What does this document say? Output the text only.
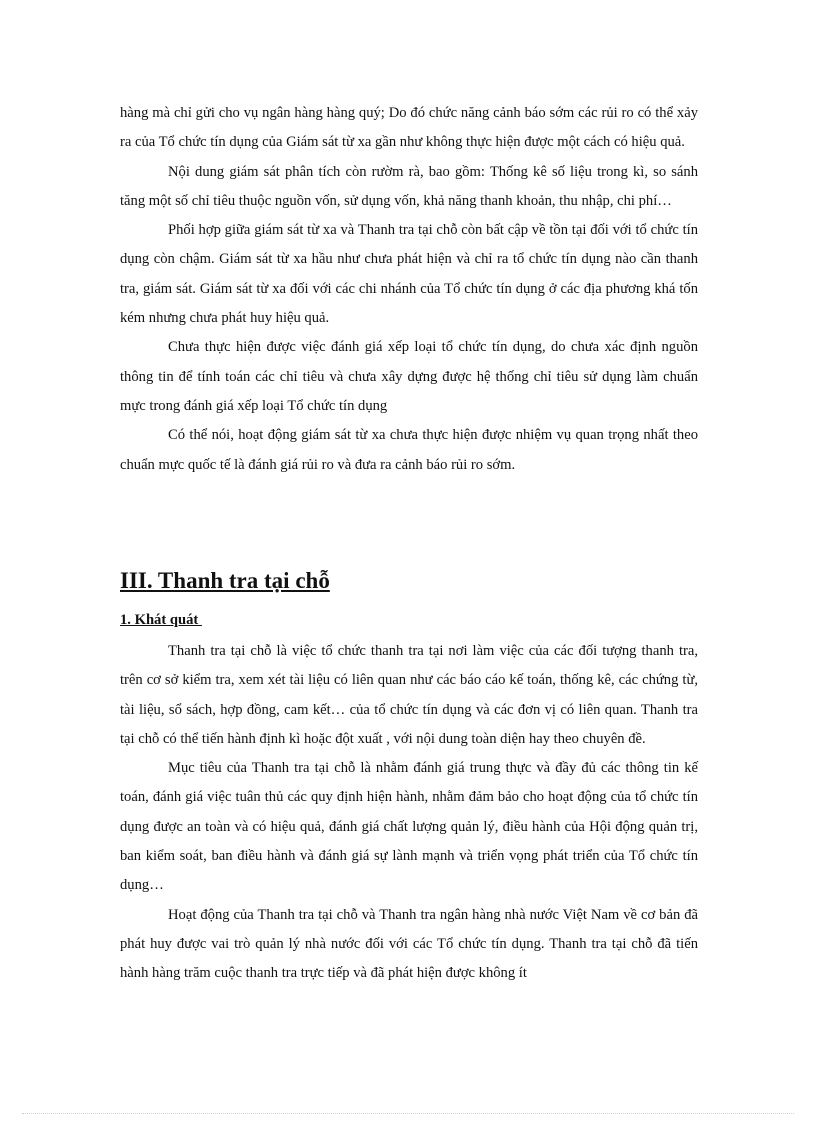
hàng mà chỉ gửi cho vụ ngân hàng hàng quý; Do đó chức năng cảnh báo sớm các rủi ro có thể xảy ra của Tổ chức tín dụng của Giám sát từ xa gần như không thực hiện được một cách có hiệu quả.

Nội dung giám sát phân tích còn rườm rà, bao gồm: Thống kê số liệu trong kì, so sánh tăng một số chỉ tiêu thuộc nguồn vốn, sử dụng vốn, khả năng thanh khoản, thu nhập, chi phí…

Phối hợp giữa giám sát từ xa và Thanh tra tại chỗ còn bất cập về tồn tại đối với tổ chức tín dụng còn chậm. Giám sát từ xa hầu như chưa phát hiện và chỉ ra tổ chức tín dụng nào cần thanh tra, giám sát. Giám sát từ xa đối với các chi nhánh của Tổ chức tín dụng ở các địa phương khá tốn kém nhưng chưa phát huy hiệu quả.

Chưa thực hiện được việc đánh giá xếp loại tổ chức tín dụng, do chưa xác định nguồn thông tin để tính toán các chỉ tiêu và chưa xây dựng được hệ thống chỉ tiêu sử dụng làm chuẩn mực trong đánh giá xếp loại Tổ chức tín dụng

Có thể nói, hoạt động giám sát từ xa chưa thực hiện được nhiệm vụ quan trọng nhất theo chuẩn mực quốc tế là đánh giá rủi ro và đưa ra cảnh báo rủi ro sớm.

III. Thanh tra tại chỗ
1. Khát quát

Thanh tra tại chỗ là việc tổ chức thanh tra tại nơi làm việc của các đối tượng thanh tra, trên cơ sở kiểm tra, xem xét tài liệu có liên quan như các báo cáo kế toán, thống kê, các chứng từ, tài liệu, sổ sách, hợp đồng, cam kết… của tổ chức tín dụng và các đơn vị có liên quan. Thanh tra tại chỗ có thể tiến hành định kì hoặc đột xuất , với nội dung toàn diện hay theo chuyên đề.

Mục tiêu của Thanh tra tại chỗ là nhằm đánh giá trung thực và đầy đủ các thông tin kế toán, đánh giá việc tuân thủ các quy định hiện hành, nhằm đảm bảo cho hoạt động của tổ chức tín dụng được an toàn và có hiệu quả, đánh giá chất lượng quản lý, điều hành của Hội động quản trị, ban kiểm soát, ban điều hành và đánh giá sự lành mạnh và triển vọng phát triển của Tổ chức tín dụng…

Hoạt động của Thanh tra tại chỗ và Thanh tra ngân hàng nhà nước Việt Nam về cơ bản đã phát huy được vai trò quản lý nhà nước đối với các Tổ chức tín dụng. Thanh tra tại chỗ đã tiến hành hàng trăm cuộc thanh tra trực tiếp và đã phát hiện được không ít
